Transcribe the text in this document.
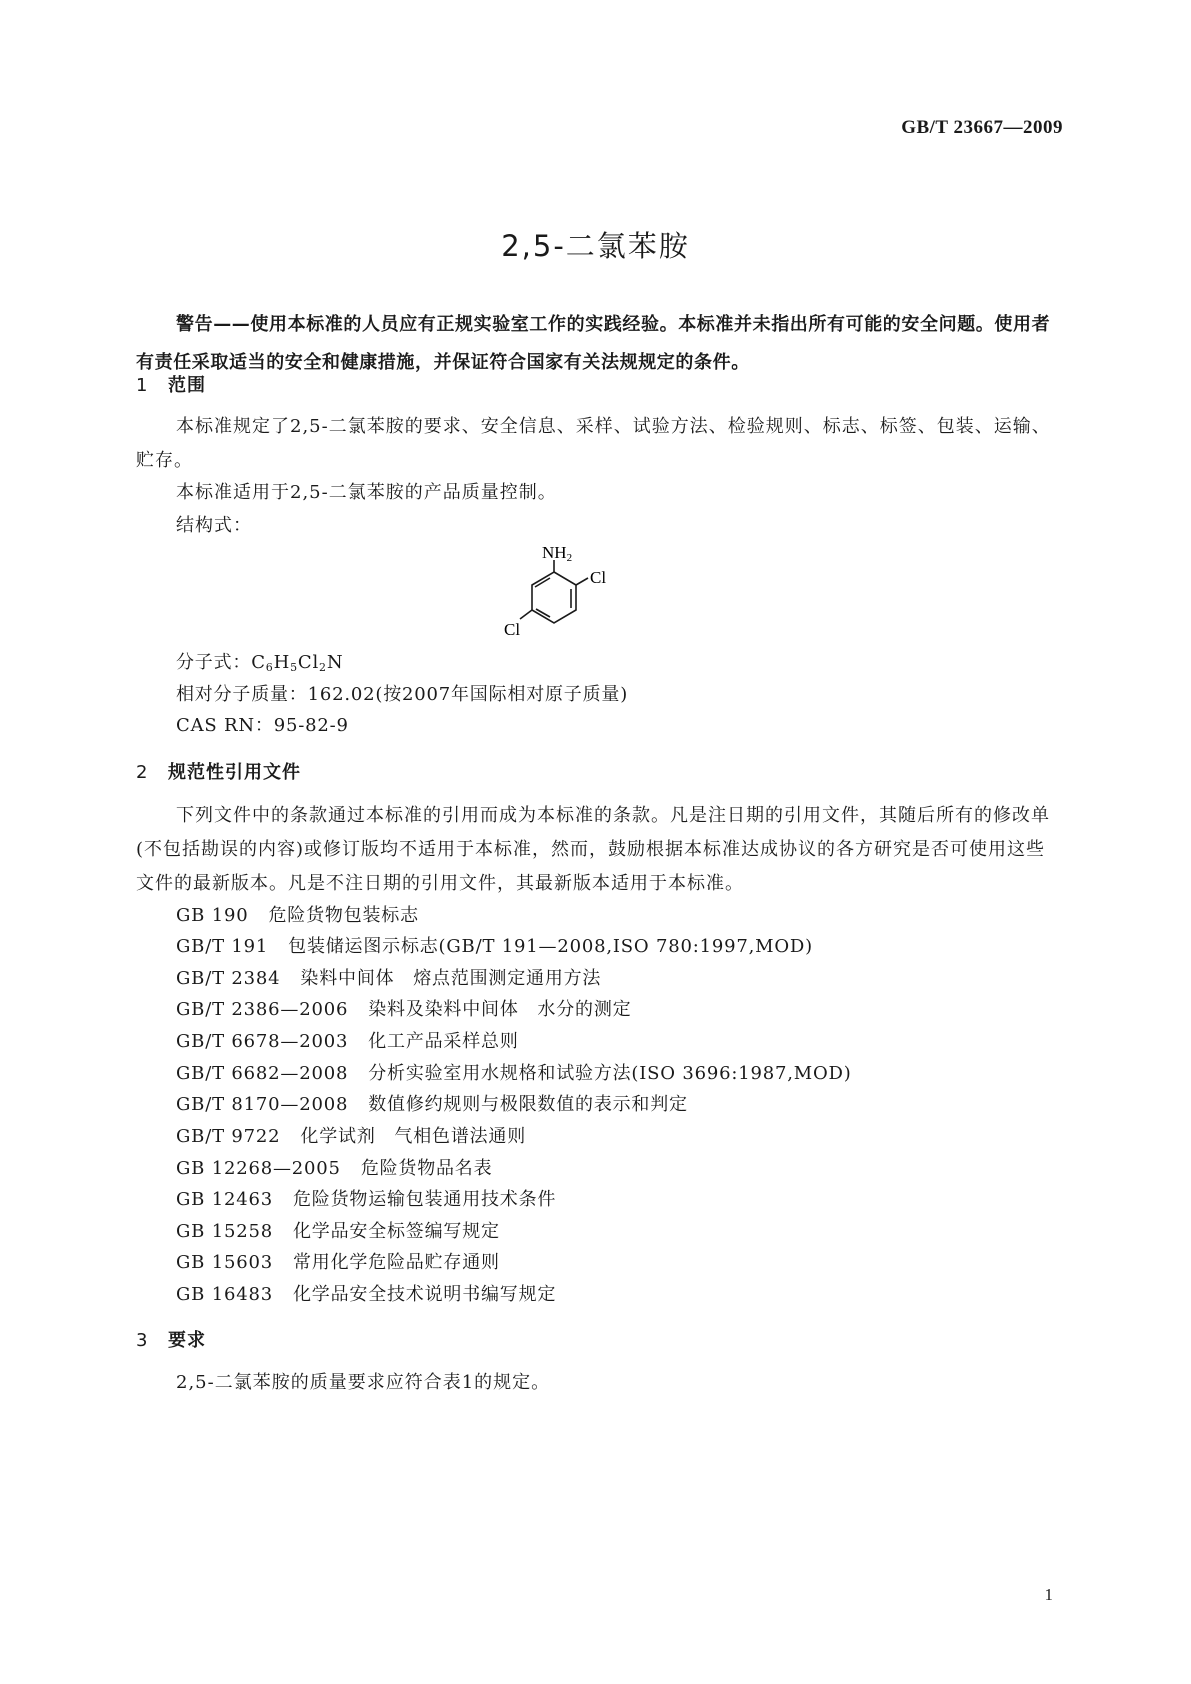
GB/T 23667—2009
2,5-二氯苯胺
警告——使用本标准的人员应有正规实验室工作的实践经验。本标准并未指出所有可能的安全问题。使用者有责任采取适当的安全和健康措施，并保证符合国家有关法规规定的条件。
1 范围
本标准规定了2,5-二氯苯胺的要求、安全信息、采样、试验方法、检验规则、标志、标签、包装、运输、贮存。
本标准适用于2,5-二氯苯胺的产品质量控制。
结构式：
NH2
Cl
Cl
分子式：$C_6H_5Cl_2N$
相对分子质量：162.02(按2007年国际相对原子质量)
CAS RN：95-82-9
2 规范性引用文件
下列文件中的条款通过本标准的引用而成为本标准的条款。凡是注日期的引用文件，其随后所有的修改单(不包括勘误的内容)或修订版均不适用于本标准，然而，鼓励根据本标准达成协议的各方研究是否可使用这些文件的最新版本。凡是不注日期的引用文件，其最新版本适用于本标准。
GB 190 危险货物包装标志
GB/T 191 包装储运图示标志(GB/T 191—2008,ISO 780:1997,MOD)
GB/T 2384 染料中间体　熔点范围测定通用方法
GB/T 2386—2006 染料及染料中间体　水分的测定
GB/T 6678—2003 化工产品采样总则
GB/T 6682—2008 分析实验室用水规格和试验方法(ISO 3696:1987,MOD)
GB/T 8170—2008 数值修约规则与极限数值的表示和判定
GB/T 9722 化学试剂　气相色谱法通则
GB 12268—2005 危险货物品名表
GB 12463 危险货物运输包装通用技术条件
GB 15258 化学品安全标签编写规定
GB 15603 常用化学危险品贮存通则
GB 16483 化学品安全技术说明书编写规定
3 要求
2,5-二氯苯胺的质量要求应符合表1的规定。
1
